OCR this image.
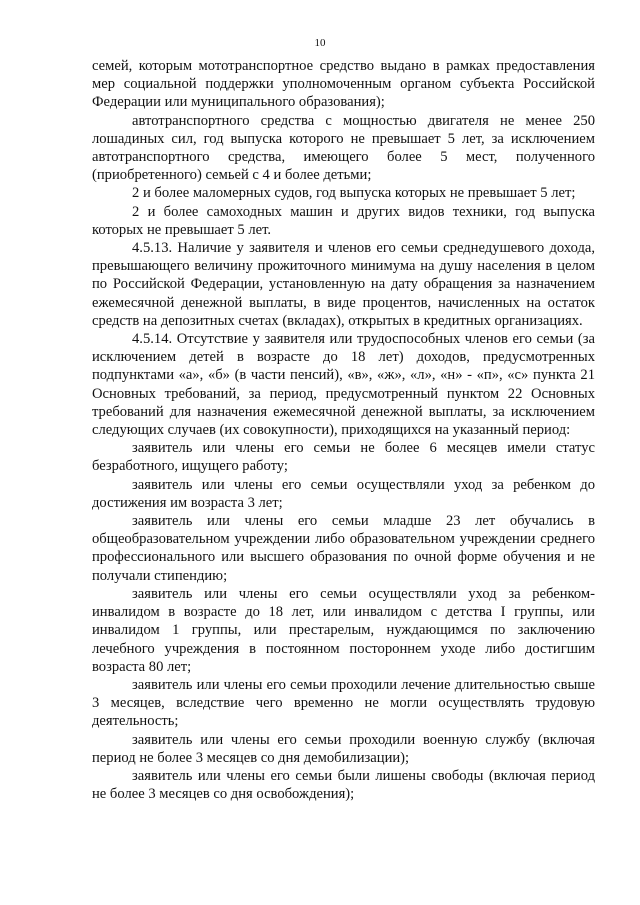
10

семей, которым мототранспортное средство выдано в рамках предоставления мер социальной поддержки уполномоченным органом субъекта Российской Федерации или муниципального образования);

автотранспортного средства с мощностью двигателя не менее 250 лошадиных сил, год выпуска которого не превышает 5 лет, за исключением автотранспортного средства, имеющего более 5 мест, полученного (приобретенного) семьей с 4 и более детьми;

2 и более маломерных судов, год выпуска которых не превышает 5 лет;

2 и более самоходных машин и других видов техники, год выпуска которых не превышает 5 лет.

4.5.13. Наличие у заявителя и членов его семьи среднедушевого дохода, превышающего величину прожиточного минимума на душу населения в целом по Российской Федерации, установленную на дату обращения за назначением ежемесячной денежной выплаты, в виде процентов, начисленных на остаток средств на депозитных счетах (вкладах), открытых в кредитных организациях.

4.5.14. Отсутствие у заявителя или трудоспособных членов его семьи (за исключением детей в возрасте до 18 лет) доходов, предусмотренных подпунктами «а», «б» (в части пенсий), «в», «ж», «л», «н» - «п», «с» пункта 21 Основных требований, за период, предусмотренный пунктом 22 Основных требований для назначения ежемесячной денежной выплаты, за исключением следующих случаев (их совокупности), приходящихся на указанный период:

заявитель или члены его семьи не более 6 месяцев имели статус безработного, ищущего работу;

заявитель или члены его семьи осуществляли уход за ребенком до достижения им возраста 3 лет;

заявитель или члены его семьи младше 23 лет обучались в общеобразовательном учреждении либо образовательном учреждении среднего профессионального или высшего образования по очной форме обучения и не получали стипендию;

заявитель или члены его семьи осуществляли уход за ребенком-инвалидом в возрасте до 18 лет, или инвалидом с детства I группы, или инвалидом 1 группы, или престарелым, нуждающимся по заключению лечебного учреждения в постоянном постороннем уходе либо достигшим возраста 80 лет;

заявитель или члены его семьи проходили лечение длительностью свыше 3 месяцев, вследствие чего временно не могли осуществлять трудовую деятельность;

заявитель или члены его семьи проходили военную службу (включая период не более 3 месяцев со дня демобилизации);

заявитель или члены его семьи были лишены свободы (включая период не более 3 месяцев со дня освобождения);
